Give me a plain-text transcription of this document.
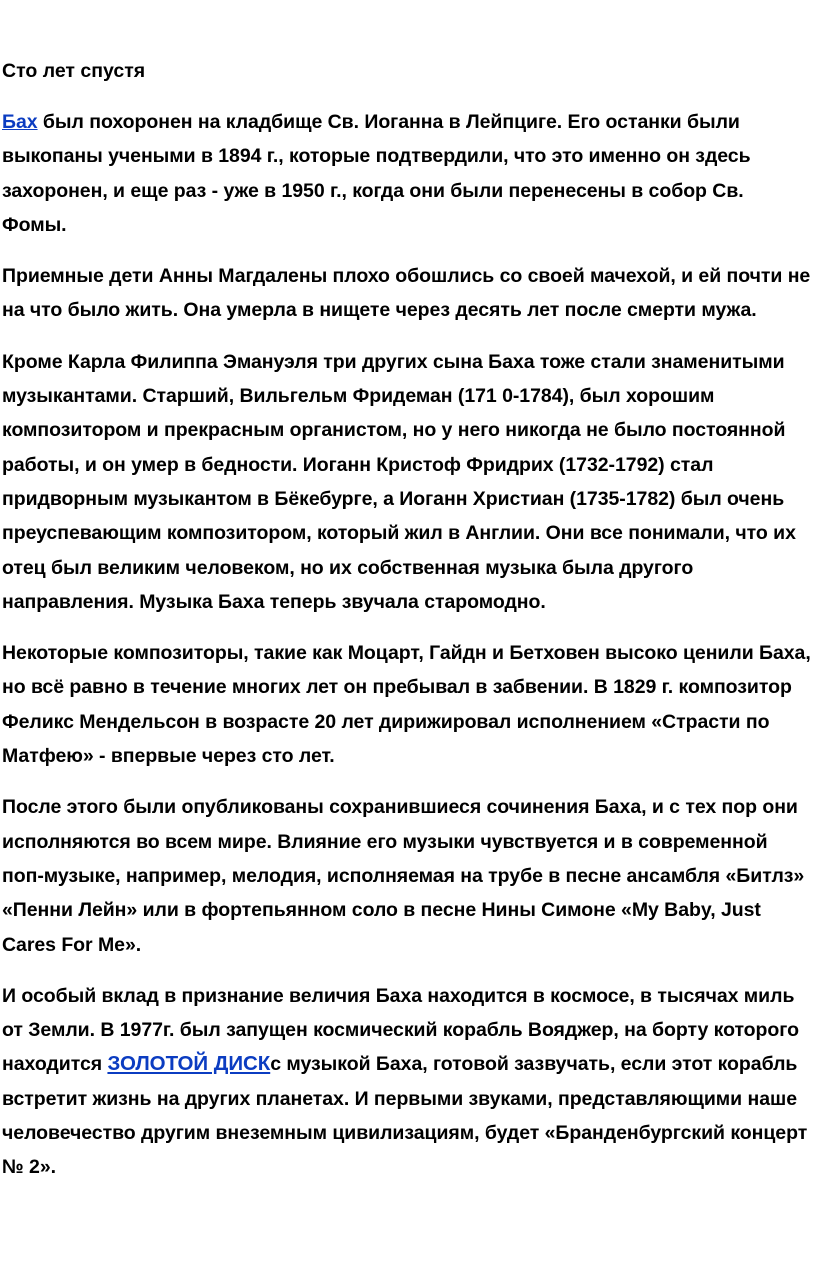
Сто лет спустя

Бах был похоронен на кладбище Св. Иоганна в Лейпциге. Его останки были выкопаны учеными в 1894 г., которые подтвердили, что это именно он здесь захоронен, и еще раз - уже в 1950 г., когда они были перенесены в собор Св. Фомы.

Приемные дети Анны Магдалены плохо обошлись со своей мачехой, и ей почти не на что было жить. Она умерла в нищете через десять лет после смерти мужа.

Кроме Карла Филиппа Эмануэля три других сына Баха тоже стали знаменитыми музыкантами. Старший, Вильгельм Фридеман (171 0-1784), был хорошим композитором и прекрасным органистом, но у него никогда не было постоянной работы, и он умер в бедности. Иоганн Кристоф Фридрих (1732-1792) стал придворным музыкантом в Бёкебурге, а Иоганн Христиан (1735-1782) был очень преуспевающим композитором, который жил в Англии. Они все понимали, что их отец был великим человеком, но их собственная музыка была другого направления. Музыка Баха теперь звучала старомодно.

Некоторые композиторы, такие как Моцарт, Гайдн и Бетховен высоко ценили Баха, но всё равно в течение многих лет он пребывал в забвении. В 1829 г. композитор Феликс Мендельсон в возрасте 20 лет дирижировал исполнением «Страсти по Матфею» - впервые через сто лет.

После этого были опубликованы сохранившиеся сочинения Баха, и с тех пор они исполняются во всем мире. Влияние его музыки чувствуется и в современной поп-музыке, например, мелодия, исполняемая на трубе в песне ансамбля «Битлз» «Пенни Лейн» или в фортепьянном соло в песне Нины Симоне «My Baby, Just Cares For Me».

И особый вклад в признание величия Баха находится в космосе, в тысячах миль от Земли. В 1977г. был запущен космический корабль Вояджер, на борту которого находится ЗОЛОТОЙ ДИСКс музыкой Баха, готовой зазвучать, если этот корабль встретит жизнь на других планетах. И первыми звуками, представляющими наше человечество другим внеземным цивилизациям, будет «Бранденбургский концерт № 2».
